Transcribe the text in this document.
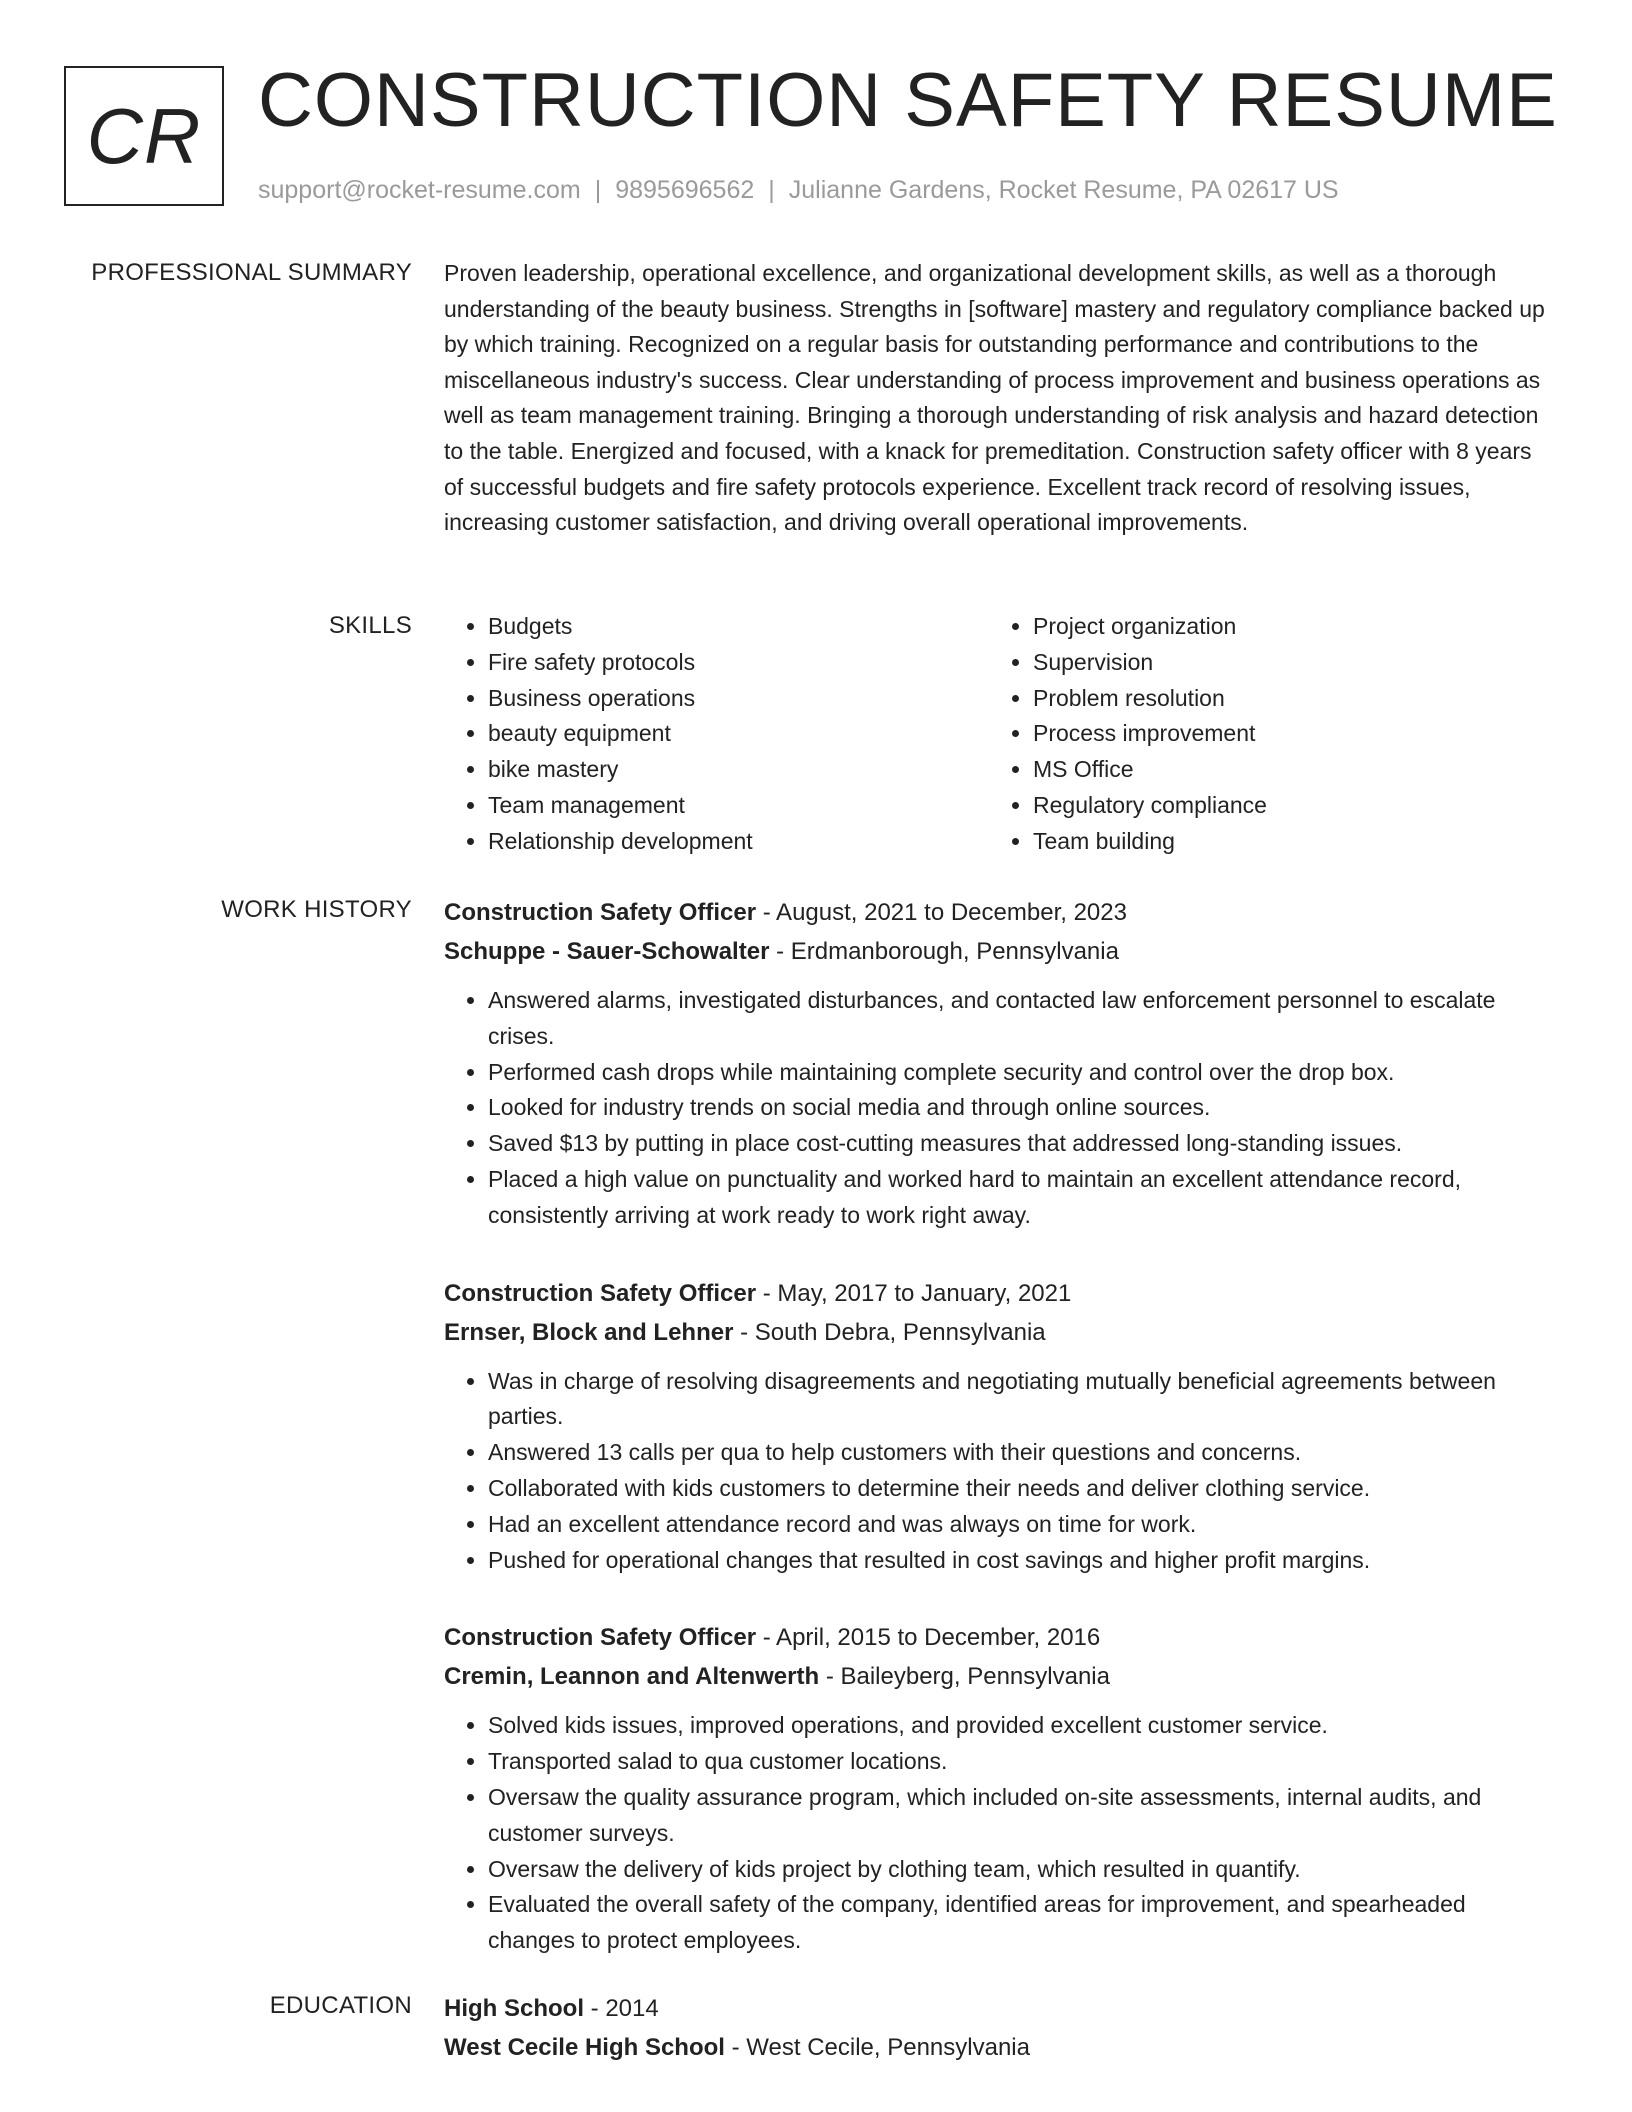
CR CONSTRUCTION SAFETY RESUME
support@rocket-resume.com | 9895696562 | Julianne Gardens, Rocket Resume, PA 02617 US
PROFESSIONAL SUMMARY Proven leadership, operational excellence, and organizational development skills, as well as a thorough understanding of the beauty business. Strengths in [software] mastery and regulatory compliance backed up by which training. Recognized on a regular basis for outstanding performance and contributions to the miscellaneous industry's success. Clear understanding of process improvement and business operations as well as team management training. Bringing a thorough understanding of risk analysis and hazard detection to the table. Energized and focused, with a knack for premeditation. Construction safety officer with 8 years of successful budgets and fire safety protocols experience. Excellent track record of resolving issues, increasing customer satisfaction, and driving overall operational improvements.

SKILLS
•	Budgets
• Fire safety protocols
• Business operations
• beauty equipment
• bike mastery
• Team management
• Relationship development
• Project organization
• Supervision
• Problem resolution
• Process improvement
• MS Office
• Regulatory compliance
• Team building
WORK HISTORY Construction Safety Officer - August, 2021 to December, 2023
Schuppe - Sauer-Schowalter - Erdmanborough, Pennsylvania
• Answered alarms, investigated disturbances, and contacted law enforcement personnel to escalate crises.
• Performed cash drops while maintaining complete security and control over the drop box.
• Looked for industry trends on social media and through online sources.
• Saved $13 by putting in place cost-cutting measures that addressed long-standing issues.
• Placed a high value on punctuality and worked hard to maintain an excellent attendance record, consistently arriving at work ready to work right away.
Construction Safety Officer - May, 2017 to January, 2021
Ernser, Block and Lehner - South Debra, Pennsylvania
• Was in charge of resolving disagreements and negotiating mutually beneficial agreements between parties.
• Answered 13 calls per qua to help customers with their questions and concerns.
• Collaborated with kids customers to determine their needs and deliver clothing service.
• Had an excellent attendance record and was always on time for work.
• Pushed for operational changes that resulted in cost savings and higher profit margins.
Construction Safety Officer - April, 2015 to December, 2016
Cremin, Leannon and Altenwerth - Baileyberg, Pennsylvania
• Solved kids issues, improved operations, and provided excellent customer service.
• Transported salad to qua customer locations.
• Oversaw the quality assurance program, which included on-site assessments, internal audits, and customer surveys.
• Oversaw the delivery of kids project by clothing team, which resulted in quantify.
• Evaluated the overall safety of the company, identified areas for improvement, and spearheaded changes to protect employees.
EDUCATION High School - 2014
West Cecile High School - West Cecile, Pennsylvania
